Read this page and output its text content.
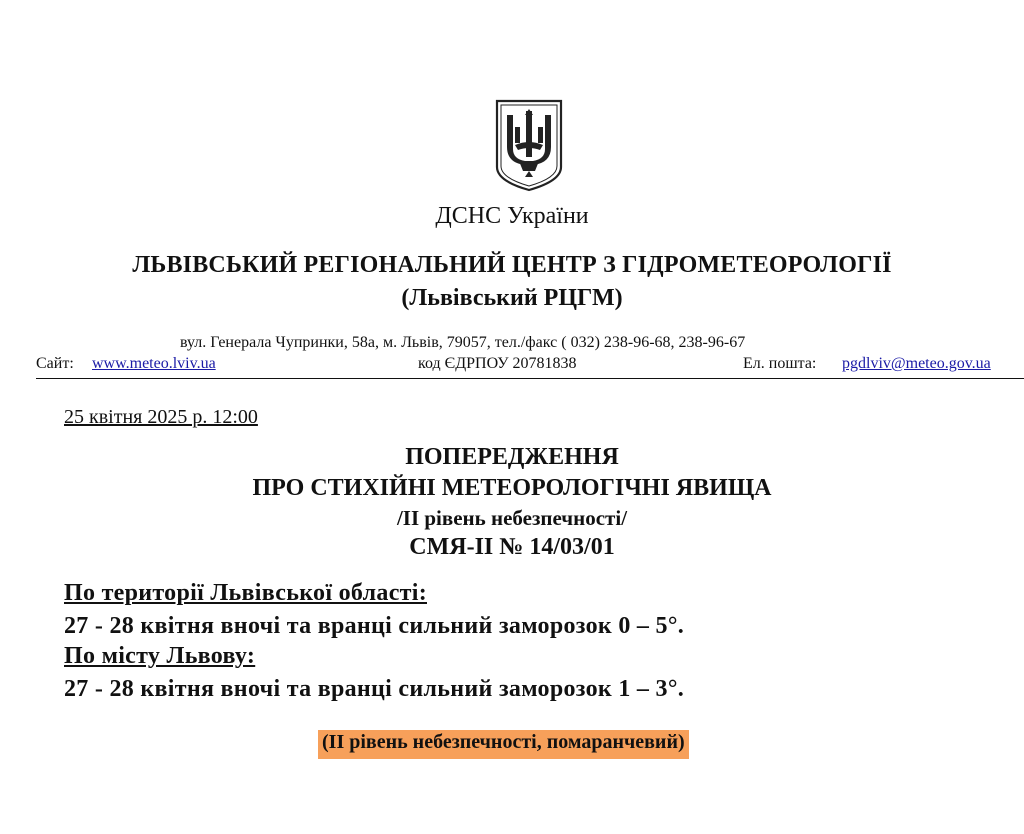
ДСНС України
ЛЬВІВСЬКИЙ РЕГІОНАЛЬНИЙ ЦЕНТР З ГІДРОМЕТЕОРОЛОГІЇ
(Львівський РЦГМ)
вул. Генерала Чупринки, 58а, м. Львів, 79057, тел./факс ( 032) 238-96-68, 238-96-67
Сайт: www.meteo.lviv.ua	код ЄДРПОУ 20781838	Ел. пошта: pgdlviv@meteo.gov.ua
25 квітня 2025 р. 12:00
ПОПЕРЕДЖЕННЯ
ПРО СТИХІЙНІ МЕТЕОРОЛОГІЧНІ ЯВИЩА
/ІІ рівень небезпечності/
СМЯ-ІІ № 14/03/01
По території Львівської області:
27 - 28 квітня вночі та вранці сильний заморозок 0 – 5°.
По місту Львову:
27 - 28 квітня вночі та вранці сильний заморозок 1 – 3°.
(ІІ рівень небезпечності, помаранчевий)
